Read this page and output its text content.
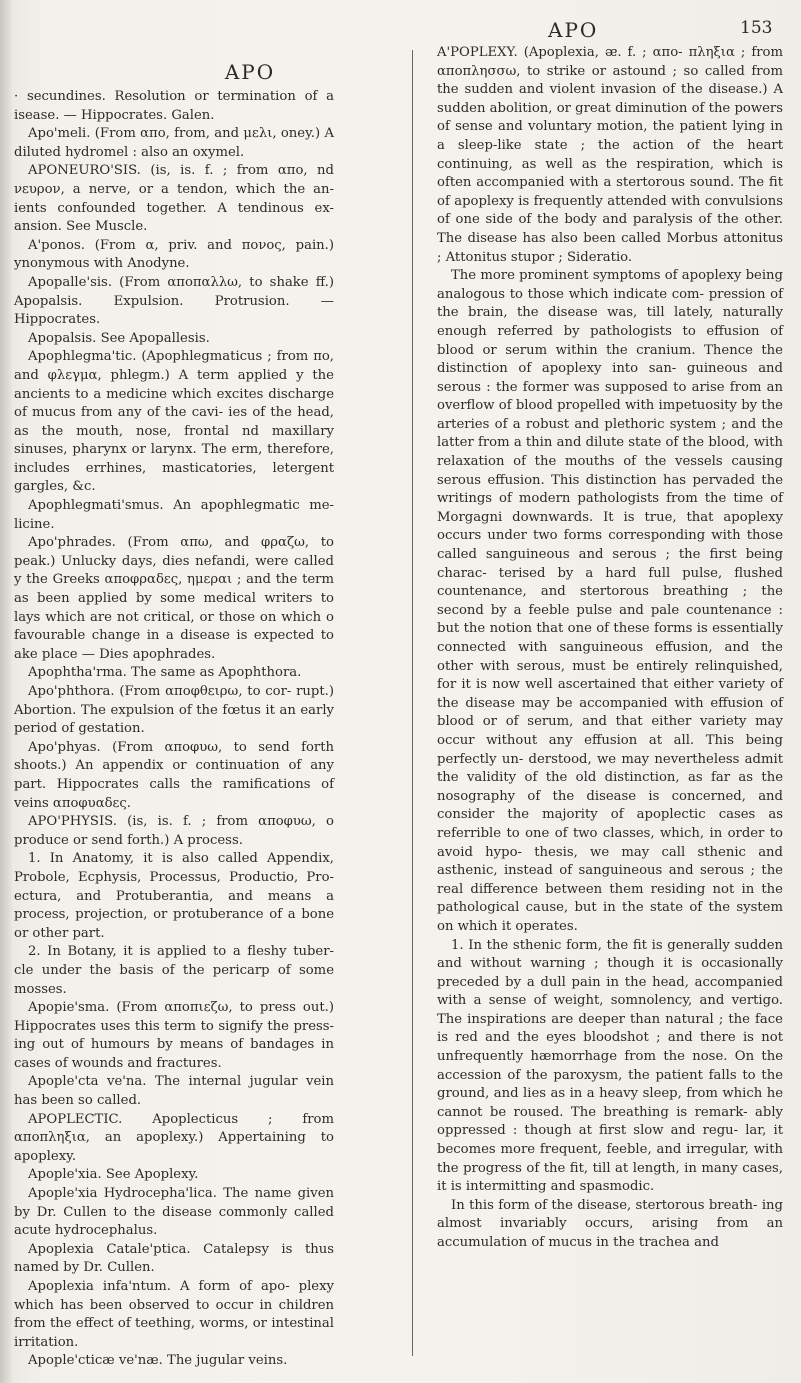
APO
APO	153

· secundines. Resolution or termination of a isease. — Hippocrates. Galen.

Apo'meli. (From απο, from, and μελι, oney.) A diluted hydromel : also an oxymel.

APONEURO'SIS. (is, is. f. ; from απο, nd νευρον, a nerve, or a tendon, which the an- ients confounded together. A tendinous ex- ansion. See Muscle.

A'ponos. (From α, priv. and πονος, pain.) ynonymous with Anodyne.

Apopalle'sis. (From αποπαλλω, to shake ff.) Apopalsis. Expulsion. Protrusion. — Hippocrates.

Apopalsis. See Apopallesis.

Apophlegma'tic. (Apophlegmaticus ; from πο, and φλεγμα, phlegm.) A term applied y the ancients to a medicine which excites discharge of mucus from any of the cavi- ies of the head, as the mouth, nose, frontal nd maxillary sinuses, pharynx or larynx. The erm, therefore, includes errhines, masticatories, letergent gargles, &c.

Apophlegmati'smus. An apophlegmatic me- licine.

Apo'phrades. (From απω, and φραζω, to peak.) Unlucky days, dies nefandi, were called y the Greeks αποφραδες, ημεραι ; and the term as been applied by some medical writers to lays which are not critical, or those on which o favourable change in a disease is expected to ake place — Dies apophrades.

Apophtha'rma. The same as Apophthora.

Apo'phthora. (From αποφθειρω, to cor- rupt.) Abortion. The expulsion of the fœtus it an early period of gestation.

Apo'phyas. (From αποφυω, to send forth shoots.) An appendix or continuation of any part. Hippocrates calls the ramifications of veins αποφυαδες.

APO'PHYSIS. (is, is. f. ; from αποφυω, o produce or send forth.) A process.

1. In Anatomy, it is also called Appendix, Probole, Ecphysis, Processus, Productio, Pro- ectura, and Protuberantia, and means a process, projection, or protuberance of a bone or other part.

2. In Botany, it is applied to a fleshy tuber- cle under the basis of the pericarp of some mosses.

Apopie'sma. (From αποπιεζω, to press out.) Hippocrates uses this term to signify the press- ing out of humours by means of bandages in cases of wounds and fractures.

Apople'cta ve'na. The internal jugular vein has been so called.

APOPLECTIC. Apoplecticus ; from αποπληξια, an apoplexy.) Appertaining to apoplexy.

Apople'xia. See Apoplexy.

Apople'xia Hydrocepha'lica. The name given by Dr. Cullen to the disease commonly called acute hydrocephalus.

Apoplexia Catale'ptica. Catalepsy is thus named by Dr. Cullen.

Apoplexia infa'ntum. A form of apo- plexy which has been observed to occur in children from the effect of teething, worms, or intestinal irritation.

Apople'cticæ ve'næ. The jugular veins.

A'POPLEXY. (Apoplexia, ᴂ. f. ; απο- πληξια ; from αποπλησσω, to strike or astound ; so called from the sudden and violent invasion of the disease.) A sudden abolition, or great diminution of the powers of sense and voluntary motion, the patient lying in a sleep-like state ; the action of the heart continuing, as well as the respiration, which is often accompanied with a stertorous sound. The fit of apoplexy is frequently attended with convulsions of one side of the body and paralysis of the other. The disease has also been called Morbus attonitus ; Attonitus stupor ; Sideratio.

The more prominent symptoms of apoplexy being analogous to those which indicate com- pression of the brain, the disease was, till lately, naturally enough referred by pathologists to effusion of blood or serum within the cranium. Thence the distinction of apoplexy into san- guineous and serous : the former was supposed to arise from an overflow of blood propelled with impetuosity by the arteries of a robust and plethoric system ; and the latter from a thin and dilute state of the blood, with relaxation of the mouths of the vessels causing serous effusion. This distinction has pervaded the writings of modern pathologists from the time of Morgagni downwards. It is true, that apoplexy occurs under two forms corresponding with those called sanguineous and serous ; the first being charac- terised by a hard full pulse, flushed countenance, and stertorous breathing ; the second by a feeble pulse and pale countenance : but the notion that one of these forms is essentially connected with sanguineous effusion, and the other with serous, must be entirely relinquished, for it is now well ascertained that either variety of the disease may be accompanied with effusion of blood or of serum, and that either variety may occur without any effusion at all. This being perfectly un- derstood, we may nevertheless admit the validity of the old distinction, as far as the nosography of the disease is concerned, and consider the majority of apoplectic cases as referrible to one of two classes, which, in order to avoid hypo- thesis, we may call sthenic and asthenic, instead of sanguineous and serous ; the real difference between them residing not in the pathological cause, but in the state of the system on which it operates.

1. In the sthenic form, the fit is generally sudden and without warning ; though it is occasionally preceded by a dull pain in the head, accompanied with a sense of weight, somnolency, and vertigo. The inspirations are deeper than natural ; the face is red and the eyes bloodshot ; and there is not unfrequently hæmorrhage from the nose. On the accession of the paroxysm, the patient falls to the ground, and lies as in a heavy sleep, from which he cannot be roused. The breathing is remark- ably oppressed : though at first slow and regu- lar, it becomes more frequent, feeble, and irregular, with the progress of the fit, till at length, in many cases, it is intermitting and spasmodic.

In this form of the disease, stertorous breath- ing almost invariably occurs, arising from an accumulation of mucus in the trachea and
